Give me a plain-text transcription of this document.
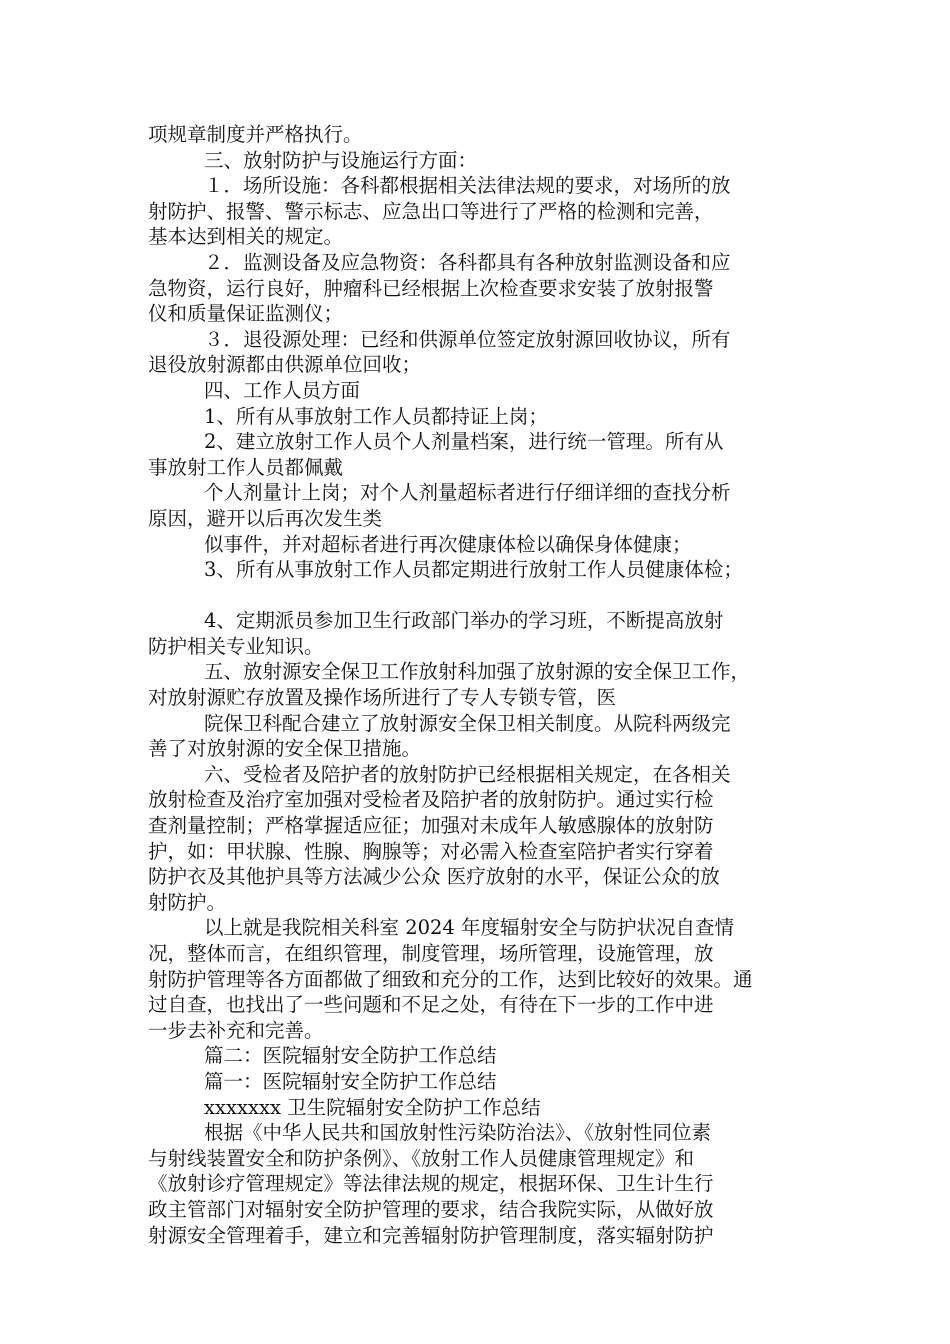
项规章制度并严格执行。
三、放射防护与设施运行方面：
１．场所设施：各科都根据相关法律法规的要求，对场所的放
射防护、报警、警示标志、应急出口等进行了严格的检测和完善，
基本达到相关的规定。
２．监测设备及应急物资：各科都具有各种放射监测设备和应
急物资，运行良好，肿瘤科已经根据上次检查要求安装了放射报警
仪和质量保证监测仪；
３．退役源处理：已经和供源单位签定放射源回收协议，所有
退役放射源都由供源单位回收；
四、工作人员方面
1、所有从事放射工作人员都持证上岗；
2、建立放射工作人员个人剂量档案，进行统一管理。所有从
事放射工作人员都佩戴
个人剂量计上岗；对个人剂量超标者进行仔细详细的查找分析
原因，避开以后再次发生类
似事件，并对超标者进行再次健康体检以确保身体健康；
3、所有从事放射工作人员都定期进行放射工作人员健康体检；
4、定期派员参加卫生行政部门举办的学习班，不断提高放射
防护相关专业知识。
五、放射源安全保卫工作放射科加强了放射源的安全保卫工作，
对放射源贮存放置及操作场所进行了专人专锁专管，医
院保卫科配合建立了放射源安全保卫相关制度。从院科两级完
善了对放射源的安全保卫措施。
六、受检者及陪护者的放射防护已经根据相关规定，在各相关
放射检查及治疗室加强对受检者及陪护者的放射防护。通过实行检
查剂量控制；严格掌握适应征；加强对未成年人敏感腺体的放射防
护，如：甲状腺、性腺、胸腺等；对必需入检查室陪护者实行穿着
防护衣及其他护具等方法减少公众 医疗放射的水平，保证公众的放
射防护。
以上就是我院相关科室 2024 年度辐射安全与防护状况自查情
况，整体而言，在组织管理，制度管理，场所管理，设施管理，放
射防护管理等各方面都做了细致和充分的工作，达到比较好的效果。通
过自查，也找出了一些问题和不足之处，有待在下一步的工作中进
一步去补充和完善。
篇二：医院辐射安全防护工作总结
篇一：医院辐射安全防护工作总结
xxxxxxx 卫生院辐射安全防护工作总结
根据《中华人民共和国放射性污染防治法》、《放射性同位素
与射线装置安全和防护条例》、《放射工作人员健康管理规定》和
《放射诊疗管理规定》等法律法规的规定，根据环保、卫生计生行
政主管部门对辐射安全防护管理的要求，结合我院实际，从做好放
射源安全管理着手，建立和完善辐射防护管理制度，落实辐射防护
